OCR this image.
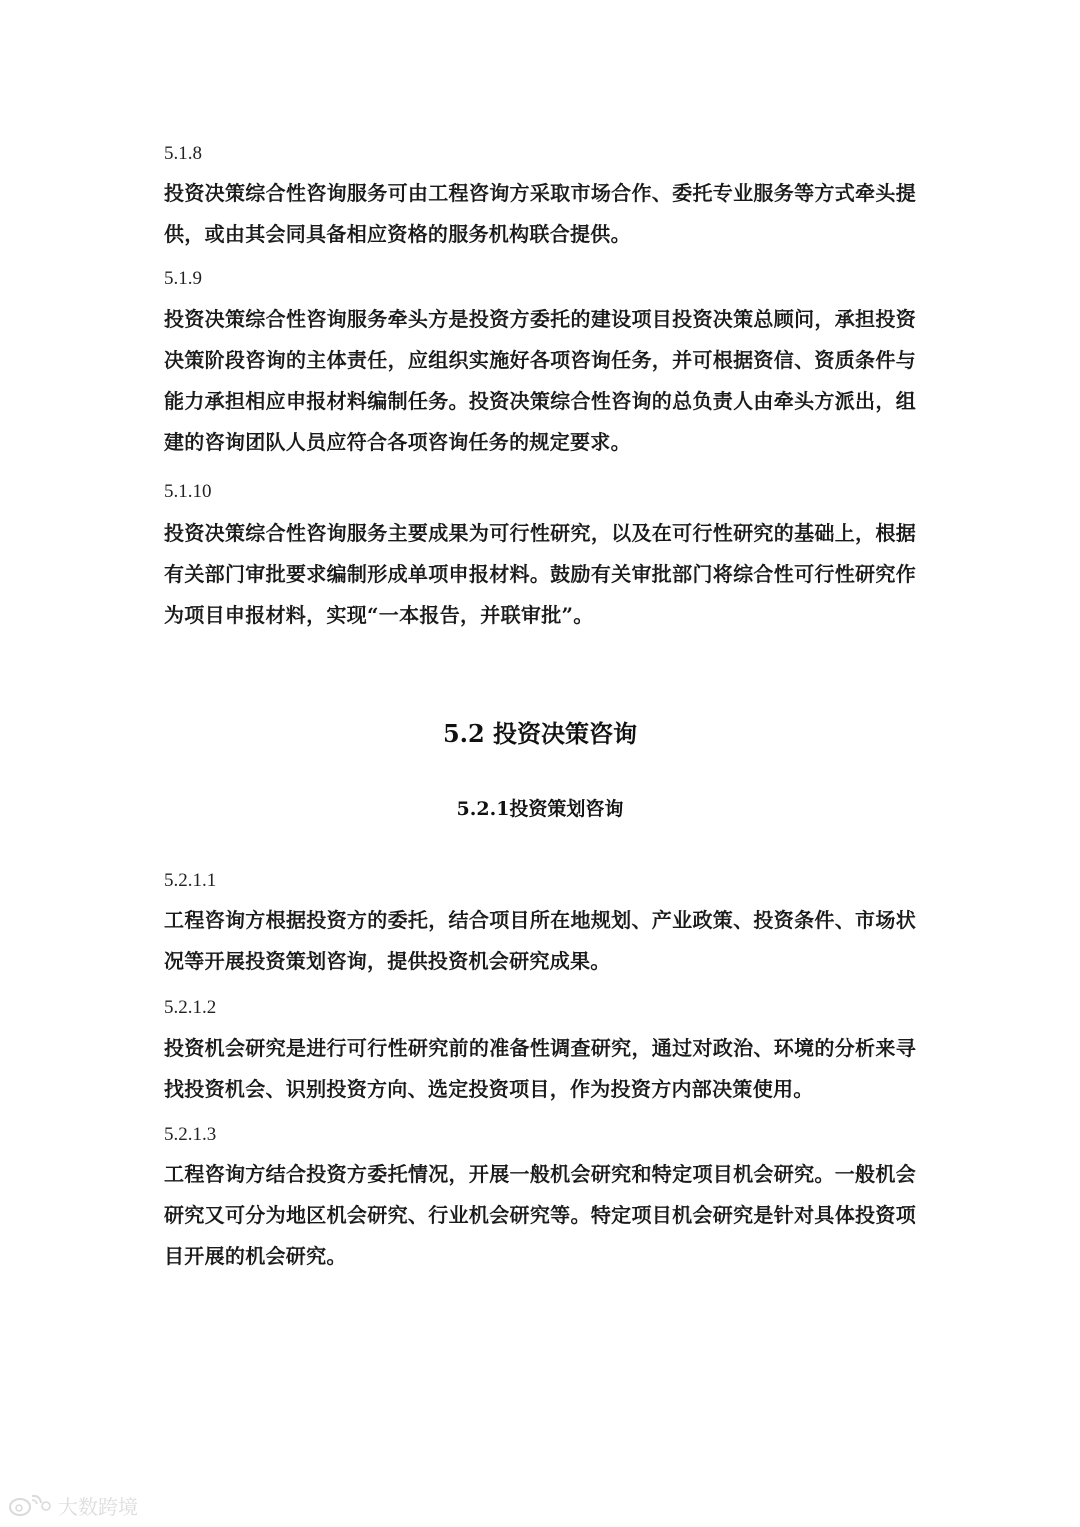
5.1.8
投资决策综合性咨询服务可由工程咨询方采取市场合作、委托专业服务等方式牵头提供，或由其会同具备相应资格的服务机构联合提供。
5.1.9
投资决策综合性咨询服务牵头方是投资方委托的建设项目投资决策总顾问，承担投资决策阶段咨询的主体责任，应组织实施好各项咨询任务，并可根据资信、资质条件与能力承担相应申报材料编制任务。投资决策综合性咨询的总负责人由牵头方派出，组建的咨询团队人员应符合各项咨询任务的规定要求。
5.1.10
投资决策综合性咨询服务主要成果为可行性研究，以及在可行性研究的基础上，根据有关部门审批要求编制形成单项申报材料。鼓励有关审批部门将综合性可行性研究作为项目申报材料，实现“一本报告，并联审批”。
5.2 投资决策咨询
5.2.1投资策划咨询
5.2.1.1
工程咨询方根据投资方的委托，结合项目所在地规划、产业政策、投资条件、市场状况等开展投资策划咨询，提供投资机会研究成果。
5.2.1.2
投资机会研究是进行可行性研究前的准备性调查研究，通过对政治、环境的分析来寻找投资机会、识别投资方向、选定投资项目，作为投资方内部决策使用。
5.2.1.3
工程咨询方结合投资方委托情况，开展一般机会研究和特定项目机会研究。一般机会研究又可分为地区机会研究、行业机会研究等。特定项目机会研究是针对具体投资项目开展的机会研究。
大数跨境
